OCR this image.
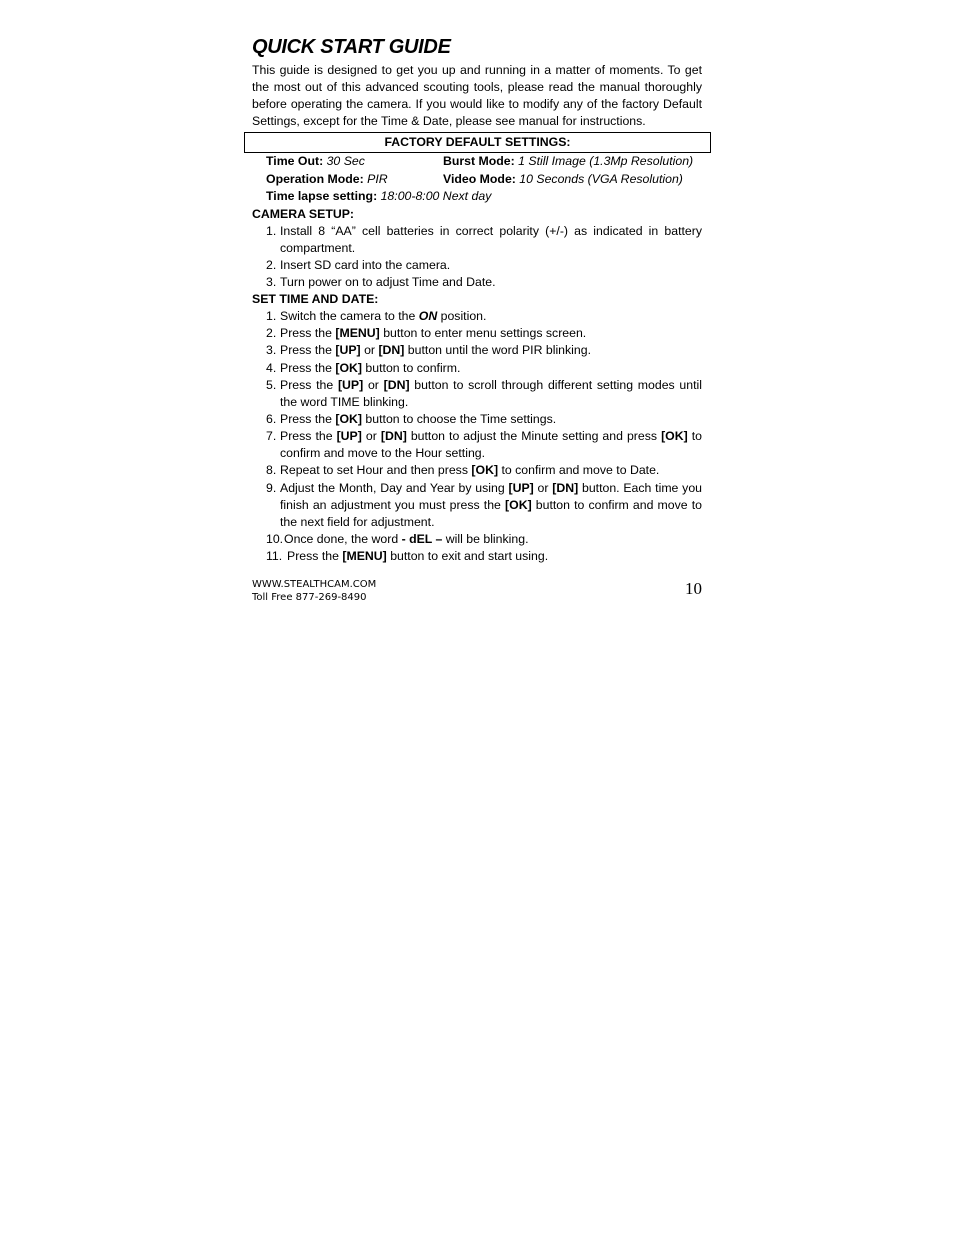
QUICK START GUIDE

This guide is designed to get you up and running in a matter of moments. To get the most out of this advanced scouting tools, please read the manual thoroughly before operating the camera. If you would like to modify any of the factory Default Settings, except for the Time & Date, please see manual for instructions.

FACTORY DEFAULT SETTINGS:
Time Out: 30 Sec	Burst Mode: 1 Still Image (1.3Mp Resolution)
Operation Mode: PIR	Video Mode: 10 Seconds (VGA Resolution)
Time lapse setting: 18:00-8:00 Next day
CAMERA SETUP:
1. Install 8 “AA” cell batteries in correct polarity (+/-) as indicated in battery compartment.
2. Insert SD card into the camera.
3. Turn power on to adjust Time and Date.
SET TIME AND DATE:
1. Switch the camera to the ON position.
2. Press the [MENU] button to enter menu settings screen.
3. Press the [UP] or [DN] button until the word PIR blinking.
4. Press the [OK] button to confirm.
5. Press the [UP] or [DN] button to scroll through different setting modes until the word TIME blinking.
6. Press the [OK] button to choose the Time settings.
7. Press the [UP] or [DN] button to adjust the Minute setting and press [OK] to confirm and move to the Hour setting.
8. Repeat to set Hour and then press [OK] to confirm and move to Date.
9. Adjust the Month, Day and Year by using [UP] or [DN] button. Each time you finish an adjustment you must press the [OK] button to confirm and move to the next field for adjustment.
10. Once done, the word - dEL – will be blinking.
11. Press the [MENU] button to exit and start using.
WWW.STEALTHCAM.COM
Toll Free 877-269-8490	10
